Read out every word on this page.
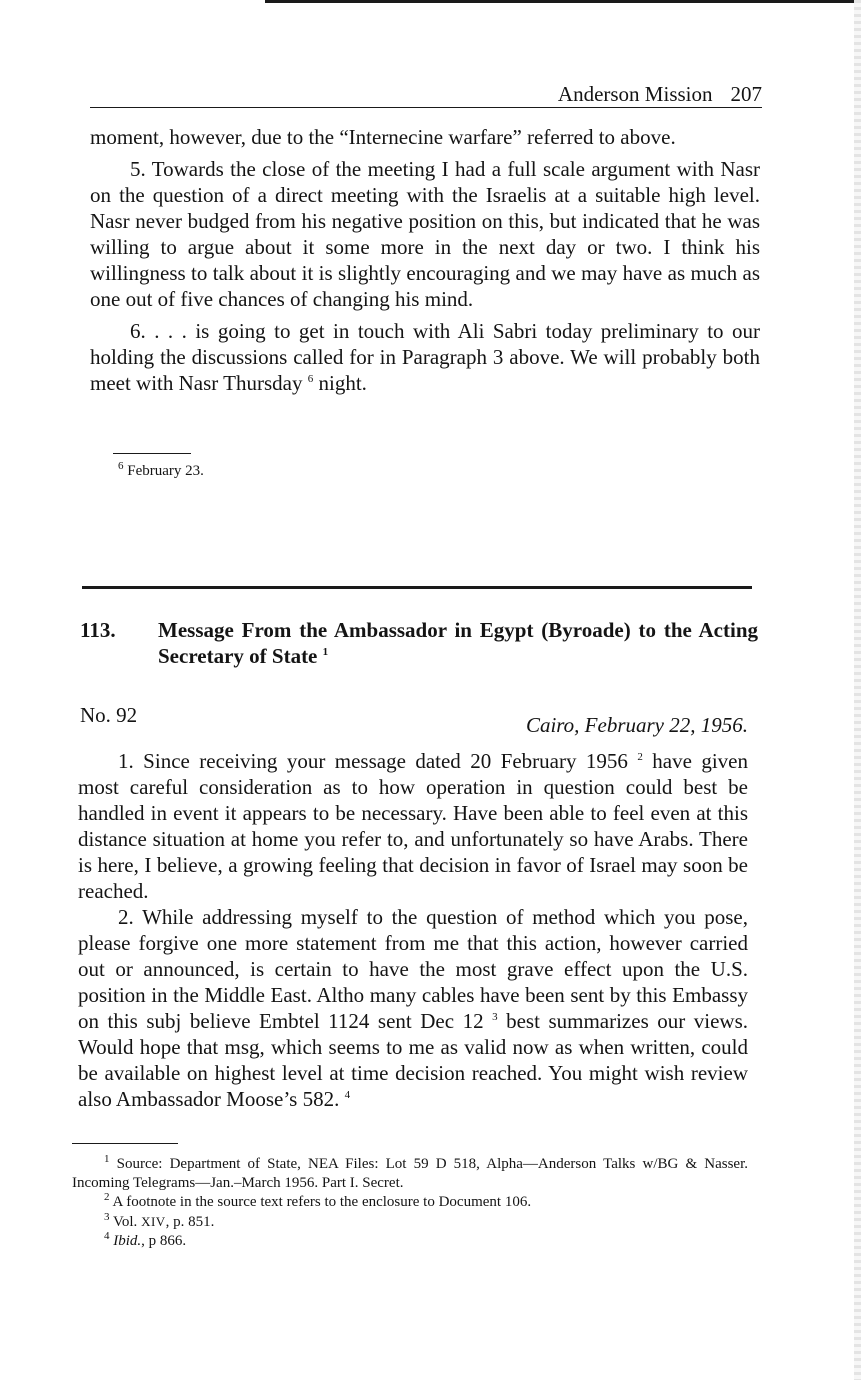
Anderson Mission 207

moment, however, due to the “Internecine warfare” referred to above.

5. Towards the close of the meeting I had a full scale argument with Nasr on the question of a direct meeting with the Israelis at a suitable high level. Nasr never budged from his negative position on this, but indicated that he was willing to argue about it some more in the next day or two. I think his willingness to talk about it is slightly encouraging and we may have as much as one out of five chances of changing his mind.

6. . . . is going to get in touch with Ali Sabri today preliminary to our holding the discussions called for in Paragraph 3 above. We will probably both meet with Nasr Thursday $^6$ night.

$^6$ February 23.

113. Message From the Ambassador in Egypt (Byroade) to the Acting Secretary of State $^1$

No. 92	Cairo, February 22, 1956.

1. Since receiving your message dated 20 February 1956 $^2$ have given most careful consideration as to how operation in question could best be handled in event it appears to be necessary. Have been able to feel even at this distance situation at home you refer to, and unfortunately so have Arabs. There is here, I believe, a growing feeling that decision in favor of Israel may soon be reached.

2. While addressing myself to the question of method which you pose, please forgive one more statement from me that this action, however carried out or announced, is certain to have the most grave effect upon the U.S. position in the Middle East. Altho many cables have been sent by this Embassy on this subj believe Embtel 1124 sent Dec 12 $^3$ best summarizes our views. Would hope that msg, which seems to me as valid now as when written, could be available on highest level at time decision reached. You might wish review also Ambassador Moose’s 582. $^4$

$^1$ Source: Department of State, NEA Files: Lot 59 D 518, Alpha—Anderson Talks w/BG & Nasser. Incoming Telegrams—Jan.–March 1956. Part I. Secret.

$^2$ A footnote in the source text refers to the enclosure to Document 106.

$^3$ Vol. XIV, p. 851.

$^4$ Ibid., p 866.
